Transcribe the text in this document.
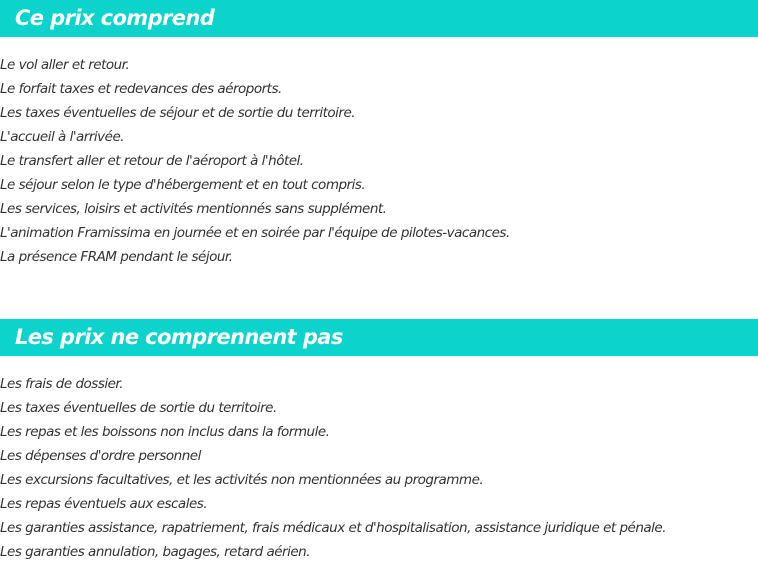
Ce prix comprend
Le vol aller et retour.
Le forfait taxes et redevances des aéroports.
Les taxes éventuelles de séjour et de sortie du territoire.
L'accueil à l'arrivée.
Le transfert aller et retour de l'aéroport à l'hôtel.
Le séjour selon le type d'hébergement et en tout compris.
Les services, loisirs et activités mentionnés sans supplément.
L'animation Framissima en journée et en soirée par l'équipe de pilotes-vacances.
La présence FRAM pendant le séjour.
Les prix ne comprennent pas
Les frais de dossier.
Les taxes éventuelles de sortie du territoire.
Les repas et les boissons non inclus dans la formule.
Les dépenses d'ordre personnel
Les excursions facultatives, et les activités non mentionnées au programme.
Les repas éventuels aux escales.
Les garanties assistance, rapatriement, frais médicaux et d'hospitalisation, assistance juridique et pénale.
Les garanties annulation, bagages, retard aérien.
